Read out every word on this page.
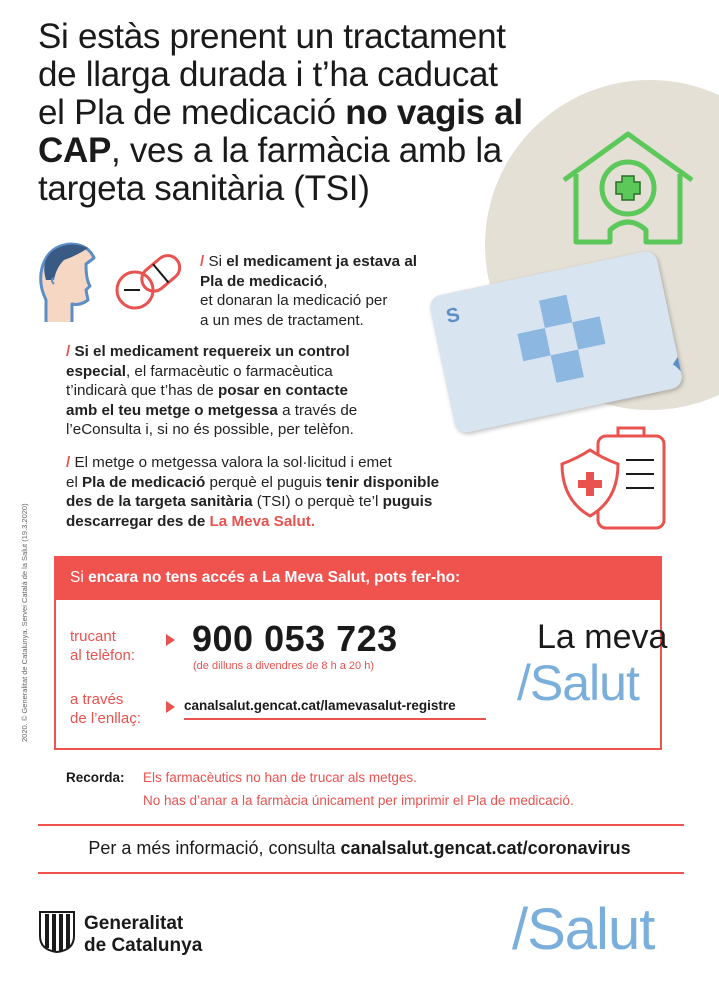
Si estàs prenent un tractament
de llarga durada i t’ha caducat
el Pla de medicació no vagis al
CAP, ves a la farmàcia amb la
targeta sanitària (TSI)
S
/ Si el medicament ja estava al
Pla de medicació,
et donaran la medicació per
a un mes de tractament.
/ Si el medicament requereix un control
especial, el farmacèutic o farmacèutica
t’indicarà que t’has de posar en contacte
amb el teu metge o metgessa a través de
l’eConsulta i, si no és possible, per telèfon.
/ El metge o metgessa valora la sol·licitud i emet
el Pla de medicació perquè el puguis tenir disponible
des de la targeta sanitària (TSI) o perquè te’l puguis
descarregar des de La Meva Salut.
2020. © Generalitat de Catalunya. Servei Català de la Salut (19.3.2020)	Si encara no tens accés a La Meva Salut, pots fer-ho:
trucant
al telèfon: 900 053 723
(de dilluns a divendres de 8 h a 20 h)
a través
de l’enllaç:
canalsalut.gencat.cat/lamevasalut-registre
La meva
/Salut
Recorda: Els farmacèutics no han de trucar als metges.
No has d’anar a la farmàcia únicament per imprimir el Pla de medicació.
Per a més informació, consulta canalsalut.gencat.cat/coronavirus
Generalitat
de Catalunya	/Salut
